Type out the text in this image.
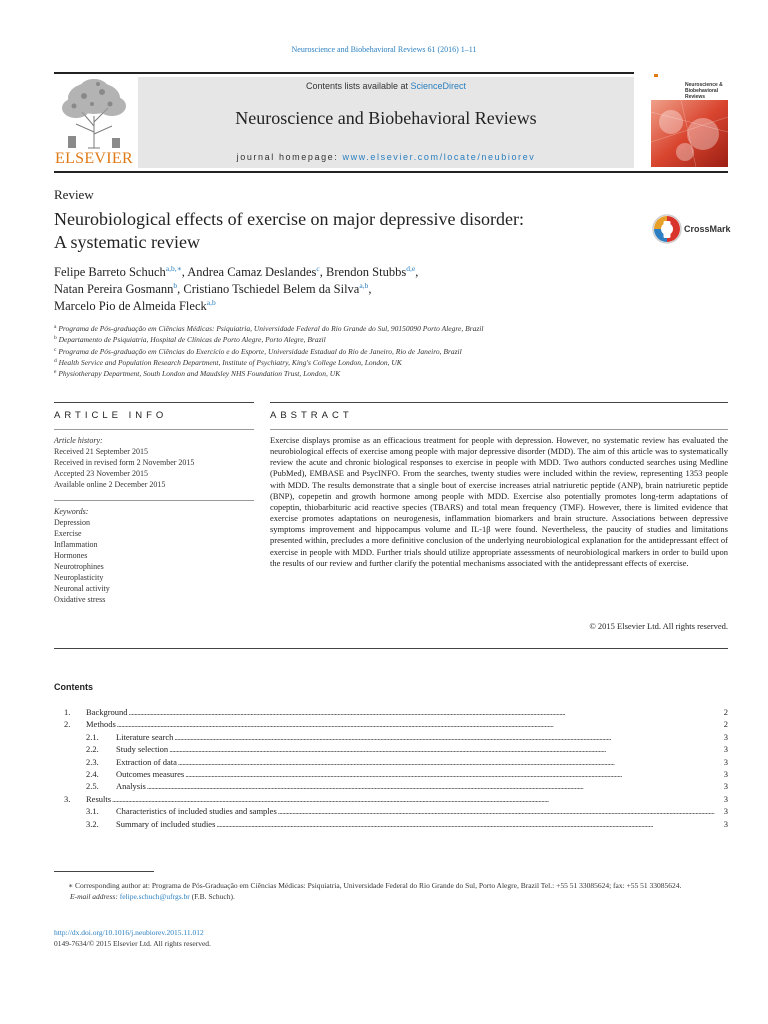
Neuroscience and Biobehavioral Reviews 61 (2016) 1–11
ELSEVIER
Contents lists available at ScienceDirect
Neuroscience and Biobehavioral Reviews
journal homepage: www.elsevier.com/locate/neubiorev
Neuroscience & Biobehavioral Reviews
Review
Neurobiological effects of exercise on major depressive disorder:
A systematic review
CrossMark
Felipe Barreto Schuch$^{a,b,∗}$, Andrea Camaz Deslandes$^c$, Brendon Stubbs$^{d,e}$,
Natan Pereira Gosmann$^b$, Cristiano Tschiedel Belem da Silva$^{a,b}$,
Marcelo Pio de Almeida Fleck$^{a,b}$
$^a$ Programa de Pós-graduação em Ciências Médicas: Psiquiatria, Universidade Federal do Rio Grande do Sul, 90150090 Porto Alegre, Brazil
$^b$ Departamento de Psiquiatria, Hospital de Clínicas de Porto Alegre, Porto Alegre, Brazil
$^c$ Programa de Pós-graduação em Ciências do Exercício e do Esporte, Universidade Estadual do Rio de Janeiro, Rio de Janeiro, Brazil
$^d$ Health Service and Population Research Department, Institute of Psychiatry, King's College London, London, UK
$^e$ Physiotherapy Department, South London and Maudsley NHS Foundation Trust, London, UK
ARTICLE INFO	ABSTRACT
Article history:
Received 21 September 2015
Received in revised form 2 November 2015
Accepted 23 November 2015
Available online 2 December 2015
Keywords:
Depression
Exercise
Inflammation
Hormones
Neurotrophines
Neuroplasticity
Neuronal activity
Oxidative stress
Exercise displays promise as an efficacious treatment for people with depression. However, no systematic review has evaluated the neurobiological effects of exercise among people with major depressive disorder (MDD). The aim of this article was to systematically review the acute and chronic biological responses to exercise in people with MDD. Two authors conducted searches using Medline (PubMed), EMBASE and PsycINFO. From the searches, twenty studies were included within the review, representing 1353 people with MDD. The results demonstrate that a single bout of exercise increases atrial natriuretic peptide (ANP), brain natriuretic peptide (BNP), copepetin and growth hormone among people with MDD. Exercise also potentially promotes long-term adaptations of copeptin, thiobarbituric acid reactive species (TBARS) and total mean frequency (TMF). However, there is limited evidence that exercise promotes adaptations on neurogenesis, inflammation biomarkers and brain structure. Associations between depressive symptoms improvement and hippocampus volume and IL-1β were found. Nevertheless, the paucity of studies and limitations presented within, precludes a more definitive conclusion of the underlying neurobiological explanation for the antidepressant effect of exercise in people with MDD. Further trials should utilize appropriate assessments of neurobiological markers in order to build upon the results of our review and further clarify the potential mechanisms associated with the antidepressant effects of exercise.
© 2015 Elsevier Ltd. All rights reserved.
Contents
1. Background . . .	2
2. Methods . . .	2
2.1. Literature search . . .	3
2.2. Study selection . . .	3
2.3. Extraction of data . . .	3
2.4. Outcomes measures . . .	3
2.5. Analysis . . .	3
3. Results . . .	3
3.1. Characteristics of included studies and samples . . .	3
3.2. Summary of included studies . . .	3
∗ Corresponding author at: Programa de Pós-Graduação em Ciências Médicas: Psiquiatria, Universidade Federal do Rio Grande do Sul, Porto Alegre, Brazil Tel.: +55 51 33085624; fax: +55 51 33085624.
E-mail address: felipe.schuch@ufrgs.br (F.B. Schuch).
http://dx.doi.org/10.1016/j.neubiorev.2015.11.012
0149-7634/© 2015 Elsevier Ltd. All rights reserved.
